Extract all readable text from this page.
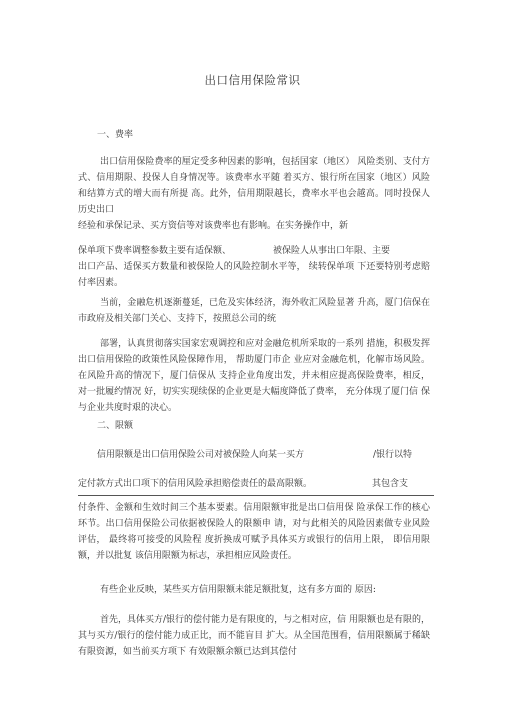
出口信用保险常识
一、费率
出口信用保险费率的厘定受多种因素的影响，包括国家（地区） 风险类别、支付方式、信用期限、投保人自身情况等。该费率水平随 着买方、银行所在国家（地区）风险和结算方式的增大而有所提 高。此外，信用期限越长，费率水平也会越高。同时投保人历史出口
经验和承保记录、买方资信等对该费率也有影响。在实务操作中，新
保单项下费率调整参数主要有适保额、	被保险人从事出口年限、主要
出口产品、适保买方数量和被保险人的风险控制水平等， 续转保单项 下还要特别考虑赔付率因素。
当前，金融危机逐渐蔓延，已危及实体经济，海外收汇风险显著 升高，厦门信保在市政府及相关部门关心、支持下，按照总公司的统
部署，认真贯彻落实国家宏观调控和应对金融危机所采取的一系列 措施，积极发挥出口信用保险的政策性风险保障作用， 帮助厦门市企 业应对金融危机，化解市场风险。在风险升高的情况下，厦门信保从 支持企业角度出发，并未相应提高保险费率，相反，对一批履约情况 好，切实实现续保的企业更是大幅度降低了费率， 充分体现了厦门信 保与企业共度时艰的决心。
二、限额
信用限额是出口信用保险公司对被保险人向某一买方	/银行以特
定付款方式出口项下的信用风险承担赔偿责任的最高限额。	其包含支
付条件、金额和生效时间三个基本要素。信用限额审批是出口信用保 险承保工作的核心环节。出口信用保险公司依据被保险人的限额申 请，对与此相关的风险因素做专业风险评估， 最终将可接受的风险程 度折换成可赋予具体买方或银行的信用上限， 即信用限额，并以批复 该信用限额为标志，承担相应风险责任。
有些企业反映，某些买方信用限额未能足额批复，这有多方面的 原因:
首先，具体买方/银行的偿付能力是有限度的，与之相对应，信 用限额也是有限的，其与买方/银行的偿付能力成正比，而不能盲目 扩大。从全国范围看，信用限额属于稀缺有限资源，如当前买方项下 有效限额余额已达到其偿付
